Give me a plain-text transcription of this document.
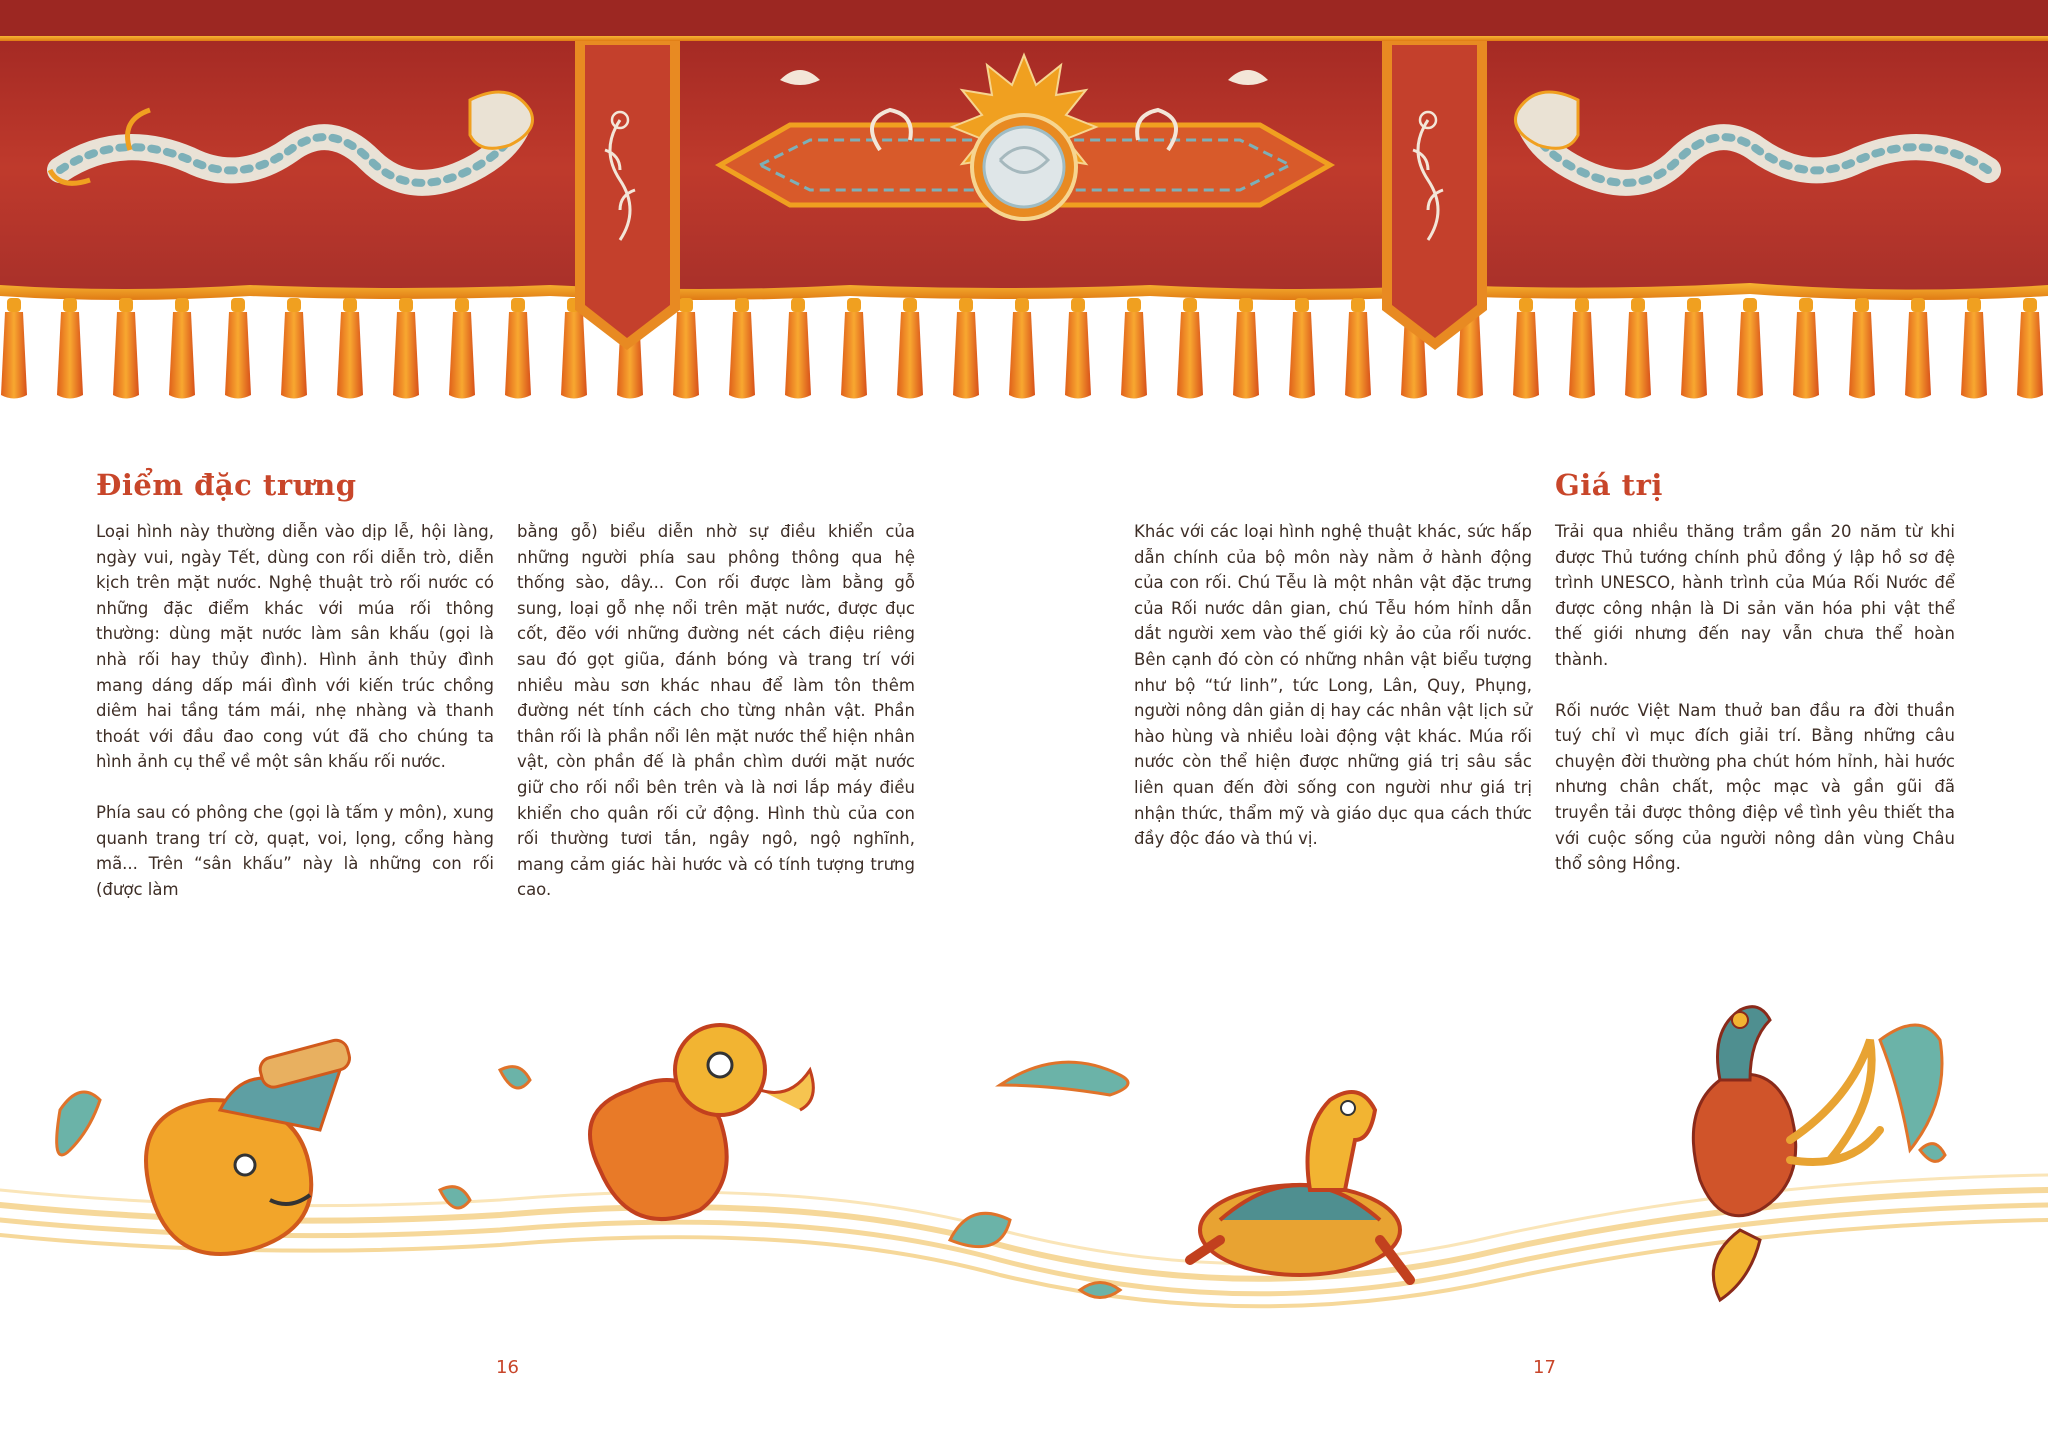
Điểm đặc trưng

Loại hình này thường diễn vào dịp lễ, hội làng, ngày vui, ngày Tết, dùng con rối diễn trò, diễn kịch trên mặt nước. Nghệ thuật trò rối nước có những đặc điểm khác với múa rối thông thường: dùng mặt nước làm sân khấu (gọi là nhà rối hay thủy đình). Hình ảnh thủy đình mang dáng dấp mái đình với kiến trúc chồng diêm hai tầng tám mái, nhẹ nhàng và thanh thoát với đầu đao cong vút đã cho chúng ta hình ảnh cụ thể về một sân khấu rối nước.

Phía sau có phông che (gọi là tấm y môn), xung quanh trang trí cờ, quạt, voi, lọng, cổng hàng mã... Trên “sân khấu” này là những con rối (được làm

bằng gỗ) biểu diễn nhờ sự điều khiển của những người phía sau phông thông qua hệ thống sào, dây... Con rối được làm bằng gỗ sung, loại gỗ nhẹ nổi trên mặt nước, được đục cốt, đẽo với những đường nét cách điệu riêng sau đó gọt giũa, đánh bóng và trang trí với nhiều màu sơn khác nhau để làm tôn thêm đường nét tính cách cho từng nhân vật. Phần thân rối là phần nổi lên mặt nước thể hiện nhân vật, còn phần đế là phần chìm dưới mặt nước giữ cho rối nổi bên trên và là nơi lắp máy điều khiển cho quân rối cử động. Hình thù của con rối thường tươi tắn, ngây ngô, ngộ nghĩnh, mang cảm giác hài hước và có tính tượng trưng cao.

Giá trị

Khác với các loại hình nghệ thuật khác, sức hấp dẫn chính của bộ môn này nằm ở hành động của con rối. Chú Tễu là một nhân vật đặc trưng của Rối nước dân gian, chú Tễu hóm hỉnh dẫn dắt người xem vào thế giới kỳ ảo của rối nước. Bên cạnh đó còn có những nhân vật biểu tượng như bộ “tứ linh”, tức Long, Lân, Quy, Phụng, người nông dân giản dị hay các nhân vật lịch sử hào hùng và nhiều loài động vật khác. Múa rối nước còn thể hiện được những giá trị sâu sắc liên quan đến đời sống con người như giá trị nhận thức, thẩm mỹ và giáo dục qua cách thức đầy độc đáo và thú vị.

Trải qua nhiều thăng trầm gần 20 năm từ khi được Thủ tướng chính phủ đồng ý lập hồ sơ đệ trình UNESCO, hành trình của Múa Rối Nước để được công nhận là Di sản văn hóa phi vật thể thế giới nhưng đến nay vẫn chưa thể hoàn thành.

Rối nước Việt Nam thuở ban đầu ra đời thuần tuý chỉ vì mục đích giải trí. Bằng những câu chuyện đời thường pha chút hóm hỉnh, hài hước nhưng chân chất, mộc mạc và gần gũi đã truyền tải được thông điệp về tình yêu thiết tha với cuộc sống của người nông dân vùng Châu thổ sông Hồng.

16	17
